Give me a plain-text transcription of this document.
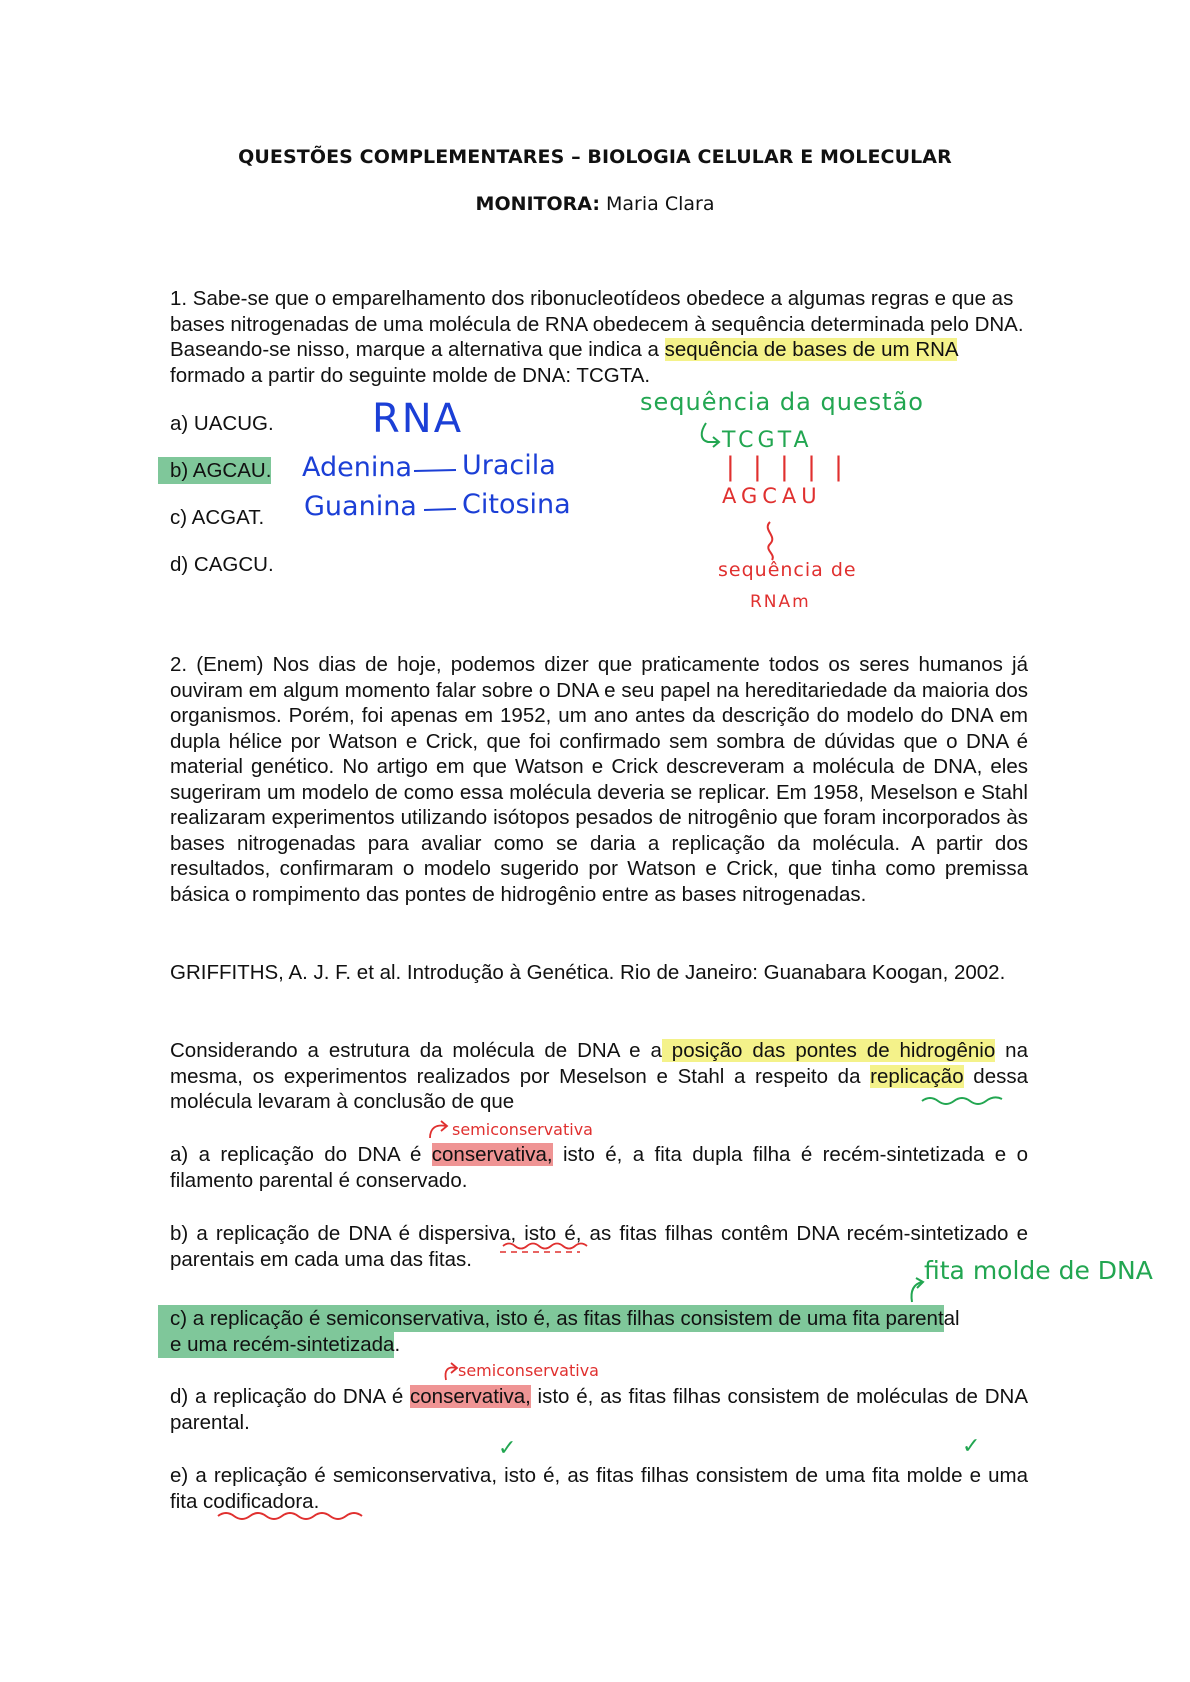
QUESTÕES COMPLEMENTARES – BIOLOGIA CELULAR E MOLECULAR
MONITORA: Maria Clara
1. Sabe-se que o emparelhamento dos ribonucleotídeos obedece a algumas regras e que as bases nitrogenadas de uma molécula de RNA obedecem à sequência determinada pelo DNA. Baseando-se nisso, marque a alternativa que indica a sequência de bases de um RNA formado a partir do seguinte molde de DNA: TCGTA.
a) UACUG.
b) AGCAU.
c) ACGAT.
d) CAGCU.
RNA
Adenina Uracila
Guanina Citosina
sequência da questão
TCGTA
| | | | |
AGCAU
sequência de
RNAm
2. (Enem) Nos dias de hoje, podemos dizer que praticamente todos os seres humanos já ouviram em algum momento falar sobre o DNA e seu papel na hereditariedade da maioria dos organismos. Porém, foi apenas em 1952, um ano antes da descrição do modelo do DNA em dupla hélice por Watson e Crick, que foi confirmado sem sombra de dúvidas que o DNA é material genético. No artigo em que Watson e Crick descreveram a molécula de DNA, eles sugeriram um modelo de como essa molécula deveria se replicar. Em 1958, Meselson e Stahl realizaram experimentos utilizando isótopos pesados de nitrogênio que foram incorporados às bases nitrogenadas para avaliar como se daria a replicação da molécula. A partir dos resultados, confirmaram o modelo sugerido por Watson e Crick, que tinha como premissa básica o rompimento das pontes de hidrogênio entre as bases nitrogenadas.
GRIFFITHS, A. J. F. et al. Introdução à Genética. Rio de Janeiro: Guanabara Koogan, 2002.
Considerando a estrutura da molécula de DNA e a posição das pontes de hidrogênio na mesma, os experimentos realizados por Meselson e Stahl a respeito da replicação dessa molécula levaram à conclusão de que
a) a replicação do DNA é conservativa, isto é, a fita dupla filha é recém-sintetizada e o filamento parental é conservado.
b) a replicação de DNA é dispersiva, isto é, as fitas filhas contêm DNA recém-sintetizado e parentais em cada uma das fitas.
c) a replicação é semiconservativa, isto é, as fitas filhas consistem de uma fita parental
e uma recém-sintetizada.
d) a replicação do DNA é conservativa, isto é, as fitas filhas consistem de moléculas de DNA parental.
e) a replicação é semiconservativa, isto é, as fitas filhas consistem de uma fita molde e uma fita codificadora.
semiconservativa
semiconservativa
fita molde de DNA
✓	✓
